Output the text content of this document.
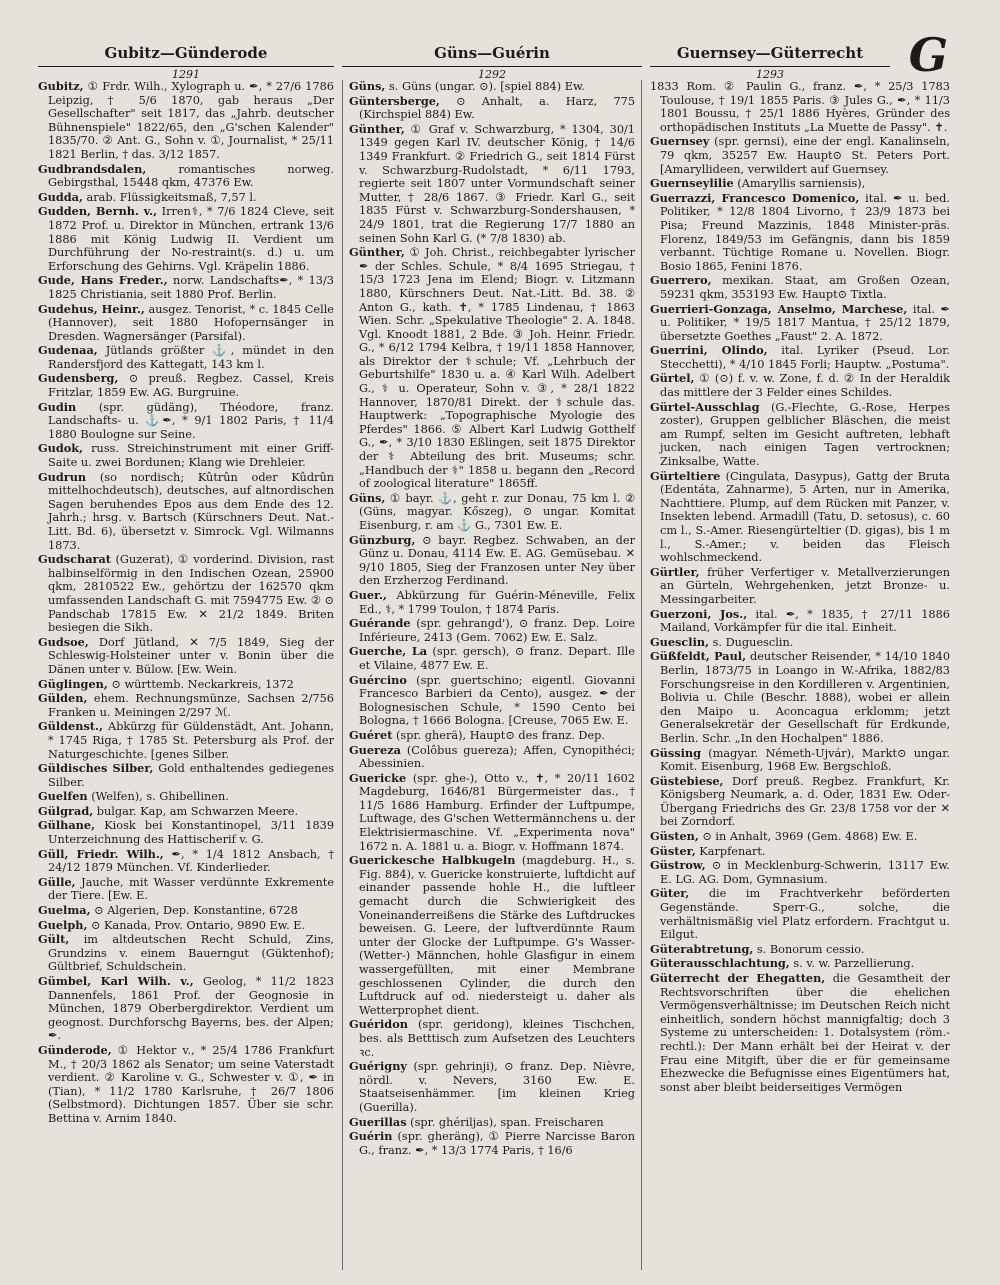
Gubitz—Günderode
1291
Güns—Guérin
1292
Guernsey—Güterrecht
1293	G

Gubitz, ① Frdr. Wilh., Xylograph u. ✒, * 27/6 1786 Leipzig, † 5/6 1870, gab heraus „Der Gesellschafter" seit 1817, das „Jahrb. deutscher Bühnenspiele" 1822/65, den „G'schen Kalender" 1835/70. ② Ant. G., Sohn v. ①, Journalist, * 25/11 1821 Berlin, † das. 3/12 1857.

Gudbrandsdalen,	romantisches norweg. Gebirgsthal, 15448 qkm, 47376 Ew.

Gudda, arab. Flüssigkeitsmaß, 7,57 l.

Gudden, Bernh. v., Irren⚕, * 7/6 1824 Cleve, seit 1872 Prof. u. Direktor in München, ertrank 13/6 1886 mit König Ludwig II. Verdient um Durchführung der No-restraint(s. d.) u. um Erforschung des Gehirns. Vgl. Kräpelin 1886.

Gude, Hans Freder., norw. Landschafts✒, * 13/3 1825 Christiania, seit 1880 Prof. Berlin.

Gudehus, Heinr., ausgez. Tenorist, * c. 1845 Celle (Hannover), seit 1880 Hofopernsänger in Dresden. Wagnersänger (Parsifal).

Gudenaa, Jütlands größter ⚓, mündet in den Randersfjord des Kattegatt, 143 km l.

Gudensberg, ⊙ preuß. Regbez. Cassel, Kreis Fritzlar, 1859 Ew. AG. Burgruine.

Gudin (spr. güdäng), Théodore, franz. Landschafts- u. ⚓✒, * 9/1 1802 Paris, † 11/4 1880 Boulogne sur Seine.

Gudok, russ. Streichinstrument mit einer Griff-Saite u. zwei Bordunen; Klang wie Drehleier.

Gudrun (so nordisch; Kûtrûn oder Kûdrûn mittelhochdeutsch), deutsches, auf altnordischen Sagen beruhendes Epos aus dem Ende des 12. Jahrh.; hrsg. v. Bartsch (Kürschners Deut. Nat.-Litt. Bd. 6), übersetzt v. Simrock. Vgl. Wilmanns 1873.

Gudscharat (Guzerat), ① vorderind. Division, rast halbinselförmig in den Indischen Ozean, 25900 qkm, 2810522 Ew., gehörtzu der 162570 qkm umfassenden Landschaft G. mit 7594775 Ew. ② ⊙ Pandschab 17815 Ew. ✕ 21/2 1849. Briten besiegen die Sikh.

Gudsoe, Dorf Jütland, ✕ 7/5 1849, Sieg der Schleswig-Holsteiner unter v. Bonin über die Dänen unter v. Bülow. [Ew. Wein.

Güglingen, ⊙ württemb. Neckarkreis, 1372

Gülden, ehem. Rechnungsmünze, Sachsen 2/756 Franken u. Meiningen 2/297 ℳ.

Güldenst., Abkürzg für Güldenstädt, Ant. Johann, * 1745 Riga, † 1785 St. Petersburg als Prof. der Naturgeschichte. [genes Silber.

Güldisches Silber, Gold enthaltendes gediegenes Silber.

Guelfen (Welfen), s. Ghibellinen.

Gülgrad, bulgar. Kap, am Schwarzen Meere.

Gülhane, Kiosk bei Konstantinopel, 3/11 1839 Unterzeichnung des Hattischerif v. G.

Güll, Friedr. Wilh., ✒, * 1/4 1812 Ansbach, † 24/12 1879 München. Vf. Kinderlieder.

Gülle, Jauche, mit Wasser verdünnte Exkremente der Tiere. [Ew. E.

Guelma, ⊙ Algerien, Dep. Konstantine, 6728

Guelph, ⊙ Kanada, Prov. Ontario, 9890 Ew. E.

Gült, im altdeutschen Recht Schuld, Zins, Grundzins v. einem Bauerngut (Güktenhof); Gültbrief, Schuldschein.

Gümbel, Karl Wilh. v., Geolog, * 11/2 1823 Dannenfels, 1861 Prof. der Geognosie in München, 1879 Oberbergdirektor. Verdient um geognost. Durchforschg Bayerns, bes. der Alpen; ✒.

Günderode, ① Hektor v., * 25/4 1786 Frankfurt M., † 20/3 1862 als Senator; um seine Vaterstadt verdient. ② Karoline v. G., Schwester v. ①, ✒ in (Tian), * 11/2 1780 Karlsruhe, † 26/7 1806 (Selbstmord). Dichtungen 1857. Über sie schr. Bettina v. Arnim 1840.

Güns, s. Güns (ungar. ⊙). [spiel 884) Ew.

Güntersberge, ⊙ Anhalt, a. Harz, 775 (Kirchspiel 884) Ew.

Günther, ① Graf v. Schwarzburg, * 1304, 30/1 1349 gegen Karl IV. deutscher König, † 14/6 1349 Frankfurt. ② Friedrich G., seit 1814 Fürst v. Schwarzburg-Rudolstadt, * 6/11 1793, regierte seit 1807 unter Vormundschaft seiner Mutter, † 28/6 1867. ③ Friedr. Karl G., seit 1835 Fürst v. Schwarzburg-Sondershausen, * 24/9 1801, trat die Regierung 17/7 1880 an seinen Sohn Karl G. (* 7/8 1830) ab.

Günther, ① Joh. Christ., reichbegabter lyrischer ✒ der Schles. Schule, * 8/4 1695 Striegau, † 15/3 1723 Jena im Elend; Biogr. v. Litzmann 1880, Kürschners Deut. Nat.-Litt. Bd. 38. ② Anton G., kath. ✝, * 1785 Lindenau, † 1863 Wien. Schr. „Spekulative Theologie" 2. A. 1848. Vgl. Knoodt 1881, 2 Bde. ③ Joh. Heinr. Friedr. G., * 6/12 1794 Kelbra, † 19/11 1858 Hannover, als Direktor der ⚕schule; Vf. „Lehrbuch der Geburtshilfe" 1830 u. a. ④ Karl Wilh. Adelbert G., ⚕ u. Operateur, Sohn v. ③, * 28/1 1822 Hannover, 1870/81 Direkt. der ⚕schule das. Hauptwerk: „Topographische Myologie des Pferdes" 1866. ⑤ Albert Karl Ludwig Gotthelf G., ✒, * 3/10 1830 Eßlingen, seit 1875 Direktor der ⚕ Abteilung des brit. Museums; schr. „Handbuch der ⚕" 1858 u. begann den „Record of zoological literature" 1865ff.

Güns, ① bayr. ⚓, geht r. zur Donau, 75 km l. ② (Güns, magyar. Kőszeg), ⊙ ungar. Komitat Eisenburg, r. am ⚓ G., 7301 Ew. E.

Günzburg, ⊙ bayr. Regbez. Schwaben, an der Günz u. Donau, 4114 Ew. E. AG. Gemüsebau. ✕ 9/10 1805, Sieg der Franzosen unter Ney über den Erzherzog Ferdinand.

Guer., Abkürzung für Guérin-Méneville, Felix Ed., ⚕, * 1799 Toulon, † 1874 Paris.

Guérande (spr. gehrangd'), ⊙ franz. Dep. Loire Inférieure, 2413 (Gem. 7062) Ew. E. Salz.

Guerche, La (spr. gersch), ⊙ franz. Depart. Ille et Vilaine, 4877 Ew. E.

Guércino (spr. guertschino; eigentl. Giovanni Francesco Barbieri da Cento), ausgez. ✒ der Bolognesischen Schule, * 1590 Cento bei Bologna, † 1666 Bologna. [Creuse, 7065 Ew. E.

Guéret (spr. gherä), Haupt⊙ des franz. Dep.

Guereza (Colôbus guereza); Affen, Cynopithéci; Abessinien.

Guericke (spr. ghe-), Otto v., ✝, * 20/11 1602 Magdeburg, 1646/81 Bürgermeister das., † 11/5 1686 Hamburg. Erfinder der Luftpumpe, Luftwage, des G'schen Wettermännchens u. der Elektrisiermaschine. Vf. „Experimenta nova" 1672 n. A. 1881 u. a. Biogr. v. Hoffmann 1874.

Guerickesche Halbkugeln (magdeburg. H., s. Fig. 884), v. Guericke konstruierte, luftdicht auf einander passende hohle H., die luftleer gemacht durch die Schwierigkeit des Voneinanderreißens die Stärke des Luftdruckes beweisen. G. Leere, der luftverdünnte Raum unter der Glocke der Luftpumpe. G's Wasser- (Wetter-) Männchen, hohle Glasfigur in einem wassergefüllten, mit einer Membrane geschlossenen Cylinder, die durch den Luftdruck auf od. niedersteigt u. daher als Wetterprophet dient.

Guéridon (spr. geridong), kleines Tischchen, bes. als Betttisch zum Aufsetzen des Leuchters ꝛc.

Guérigny (spr. gehrinji), ⊙ franz. Dep. Nièvre, nördl. v. Nevers, 3160 Ew. E. Staatseisenhämmer. [im kleinen Krieg (Guerilla).

Guerillas (spr. ghériljas), span. Freischaren

Guérin (spr. gheräng), ① Pierre Narcisse Baron G., franz. ✒, * 13/3 1774 Paris, † 16/6

1833 Rom. ② Paulin G., franz. ✒, * 25/3 1783 Toulouse, † 19/1 1855 Paris. ③ Jules G., ✒, * 11/3 1801 Boussu, † 25/1 1886 Hyères, Gründer des orthopädischen Instituts „La Muette de Passy". ✝.

Guernsey (spr. gernsi), eine der engl. Kanalinseln, 79 qkm, 35257 Ew. Haupt⊙ St. Peters Port. [Amaryllideen, verwildert auf Guernsey.

Guernseylilie (Amaryllis sarniensis),

Guerrazzi, Francesco Domenico, ital. ✒ u. bed. Politiker, * 12/8 1804 Livorno, † 23/9 1873 bei Pisa; Freund Mazzinis, 1848 Minister-präs. Florenz, 1849/53 im Gefängnis, dann bis 1859 verbannt. Tüchtige Romane u. Novellen. Biogr. Bosio 1865, Fenini 1876.

Guerrero, mexikan. Staat, am Großen Ozean, 59231 qkm, 353193 Ew. Haupt⊙ Tixtla.

Guerrieri-Gonzaga, Anselmo, Marchese, ital. ✒ u. Politiker, * 19/5 1817 Mantua, † 25/12 1879, übersetzte Goethes „Faust" 2. A. 1872.

Guerrini, Olindo, ital. Lyriker (Pseud. Lor. Stecchetti), * 4/10 1845 Forli; Hauptw. „Postuma".

Gürtel, ① (⊙) f. v. w. Zone, f. d. ② In der Heraldik das mittlere der 3 Felder eines Schildes.

Gürtel-Ausschlag (G.-Flechte, G.-Rose, Herpes zoster), Gruppen gelblicher Bläschen, die meist am Rumpf, selten im Gesicht auftreten, lebhaft jucken, nach einigen Tagen vertrocknen; Zinksalbe, Watte.

Gürteltiere (Cingulata, Dasypus), Gattg der Bruta (Edentáta, Zahnarme), 5 Arten, nur in Amerika, Nachttiere. Plump, auf dem Rücken mit Panzer, v. Insekten lebend. Armadill (Tatu, D. setosus), c. 60 cm l., S.-Amer. Riesengürteltier (D. gigas), bis 1 m l., S.-Amer.; v. beiden das Fleisch wohlschmeckend.

Gürtler, früher Verfertiger v. Metallverzierungen an Gürteln, Wehrgehenken, jetzt Bronze- u. Messingarbeiter.

Guerzoni, Jos., ital. ✒, * 1835, † 27/11 1886 Mailand, Vorkämpfer für die ital. Einheit.

Guesclin, s. Duguesclin.

Güßfeldt, Paul, deutscher Reisender, * 14/10 1840 Berlin, 1873/75 in Loango in W.-Afrika, 1882/83 Forschungsreise in den Kordilleren v. Argentinien, Bolivia u. Chile (Beschr. 1888), wobei er allein den Maipo u. Aconcagua erklomm; jetzt Generalsekretär der Gesellschaft für Erdkunde, Berlin. Schr. „In den Hochalpen" 1886.

Güssing (magyar. Németh-Ujvár), Markt⊙ ungar. Komit. Eisenburg, 1968 Ew. Bergschloß.

Güstebiese, Dorf preuß. Regbez. Frankfurt, Kr. Königsberg Neumark, a. d. Oder, 1831 Ew. Oder-Übergang Friedrichs des Gr. 23/8 1758 vor der ✕ bei Zorndorf.

Güsten, ⊙ in Anhalt, 3969 (Gem. 4868) Ew. E.

Güster, Karpfenart.

Güstrow, ⊙ in Mecklenburg-Schwerin, 13117 Ew. E. LG. AG. Dom, Gymnasium.

Güter, die im Frachtverkehr beförderten Gegenstände. Sperr-G., solche, die verhältnismäßig viel Platz erfordern. Frachtgut u. Eilgut.

Güterabtretung, s. Bonorum cessio.

Güterausschlachtung, s. v. w. Parzellierung.

Güterrecht der Ehegatten, die Gesamtheit der Rechtsvorschriften über die ehelichen Vermögensverhältnisse; im Deutschen Reich nicht einheitlich, sondern höchst mannigfaltig; doch 3 Systeme zu unterscheiden: 1. Dotalsystem (röm.-rechtl.): Der Mann erhält bei der Heirat v. der Frau eine Mitgift, über die er für gemeinsame Ehezwecke die Befugnisse eines Eigentümers hat, sonst aber bleibt beiderseitiges Vermögen
